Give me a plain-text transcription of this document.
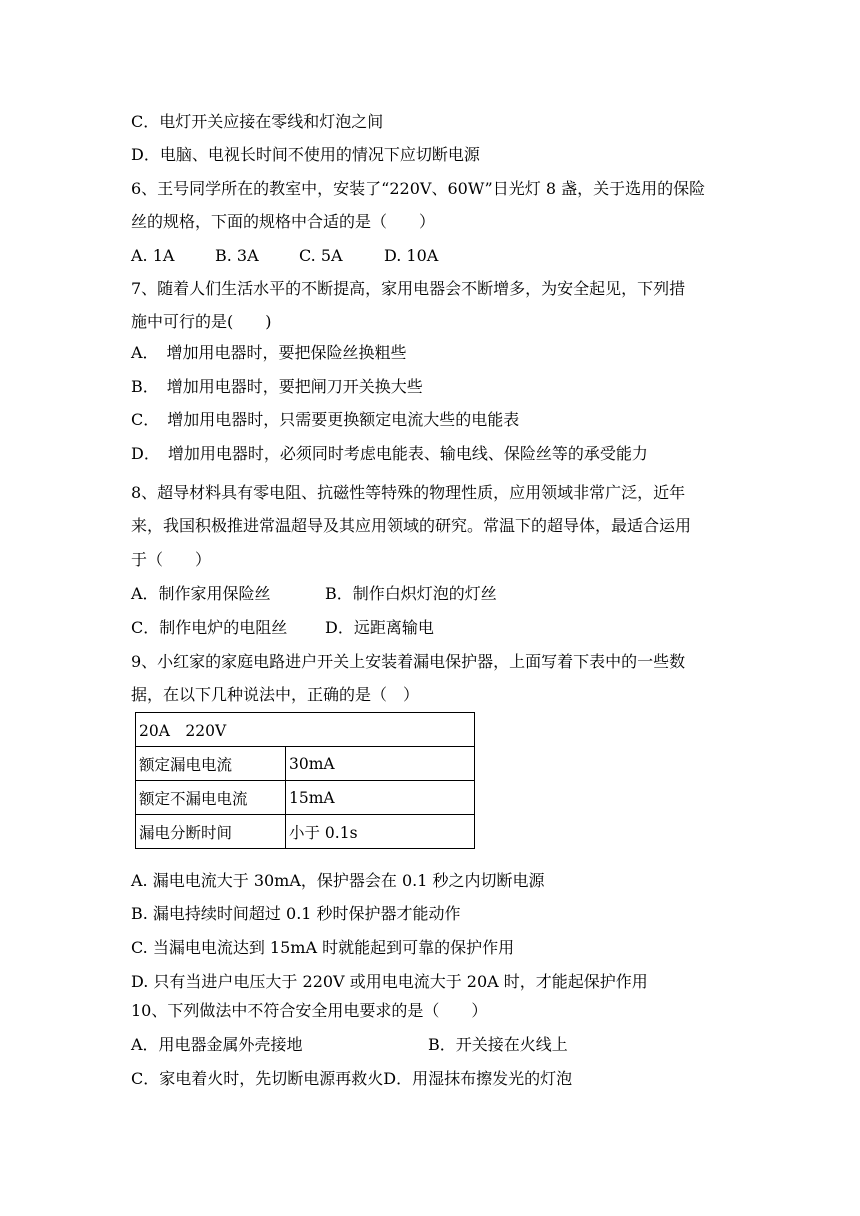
C．电灯开关应接在零线和灯泡之间
D．电脑、电视长时间不使用的情况下应切断电源
6、王号同学所在的教室中，安装了“220V、60W”日光灯 8 盏，关于选用的保险
丝的规格，下面的规格中合适的是（　　）
A. 1A	B. 3A	C. 5A	D. 10A
7、随着人们生活水平的不断提高，家用电器会不断增多，为安全起见，下列措
施中可行的是(　　)
A．　增加用电器时，要把保险丝换粗些
B．　增加用电器时，要把闸刀开关换大些
C．　增加用电器时，只需要更换额定电流大些的电能表
D．　增加用电器时，必须同时考虑电能表、输电线、保险丝等的承受能力
8、超导材料具有零电阻、抗磁性等特殊的物理性质，应用领域非常广泛，近年
来，我国积极推进常温超导及其应用领域的研究。常温下的超导体，最适合运用
于（　　）
A．制作家用保险丝	B．制作白炽灯泡的灯丝
C．制作电炉的电阻丝 D．远距离输电
9、小红家的家庭电路进户开关上安装着漏电保护器，上面写着下表中的一些数
据，在以下几种说法中，正确的是（　）
20A　220V	
额定漏电电流	30mA
额定不漏电电流	15mA
漏电分断时间	小于 0.1s
A. 漏电电流大于 30mA，保护器会在 0.1 秒之内切断电源
B. 漏电持续时间超过 0.1 秒时保护器才能动作
C. 当漏电电流达到 15mA 时就能起到可靠的保护作用
D. 只有当进户电压大于 220V 或用电电流大于 20A 时，才能起保护作用
10、下列做法中不符合安全用电要求的是（　　）
A．用电器金属外壳接地	B．开关接在火线上
C．家电着火时，先切断电源再救火D．用湿抹布擦发光的灯泡
